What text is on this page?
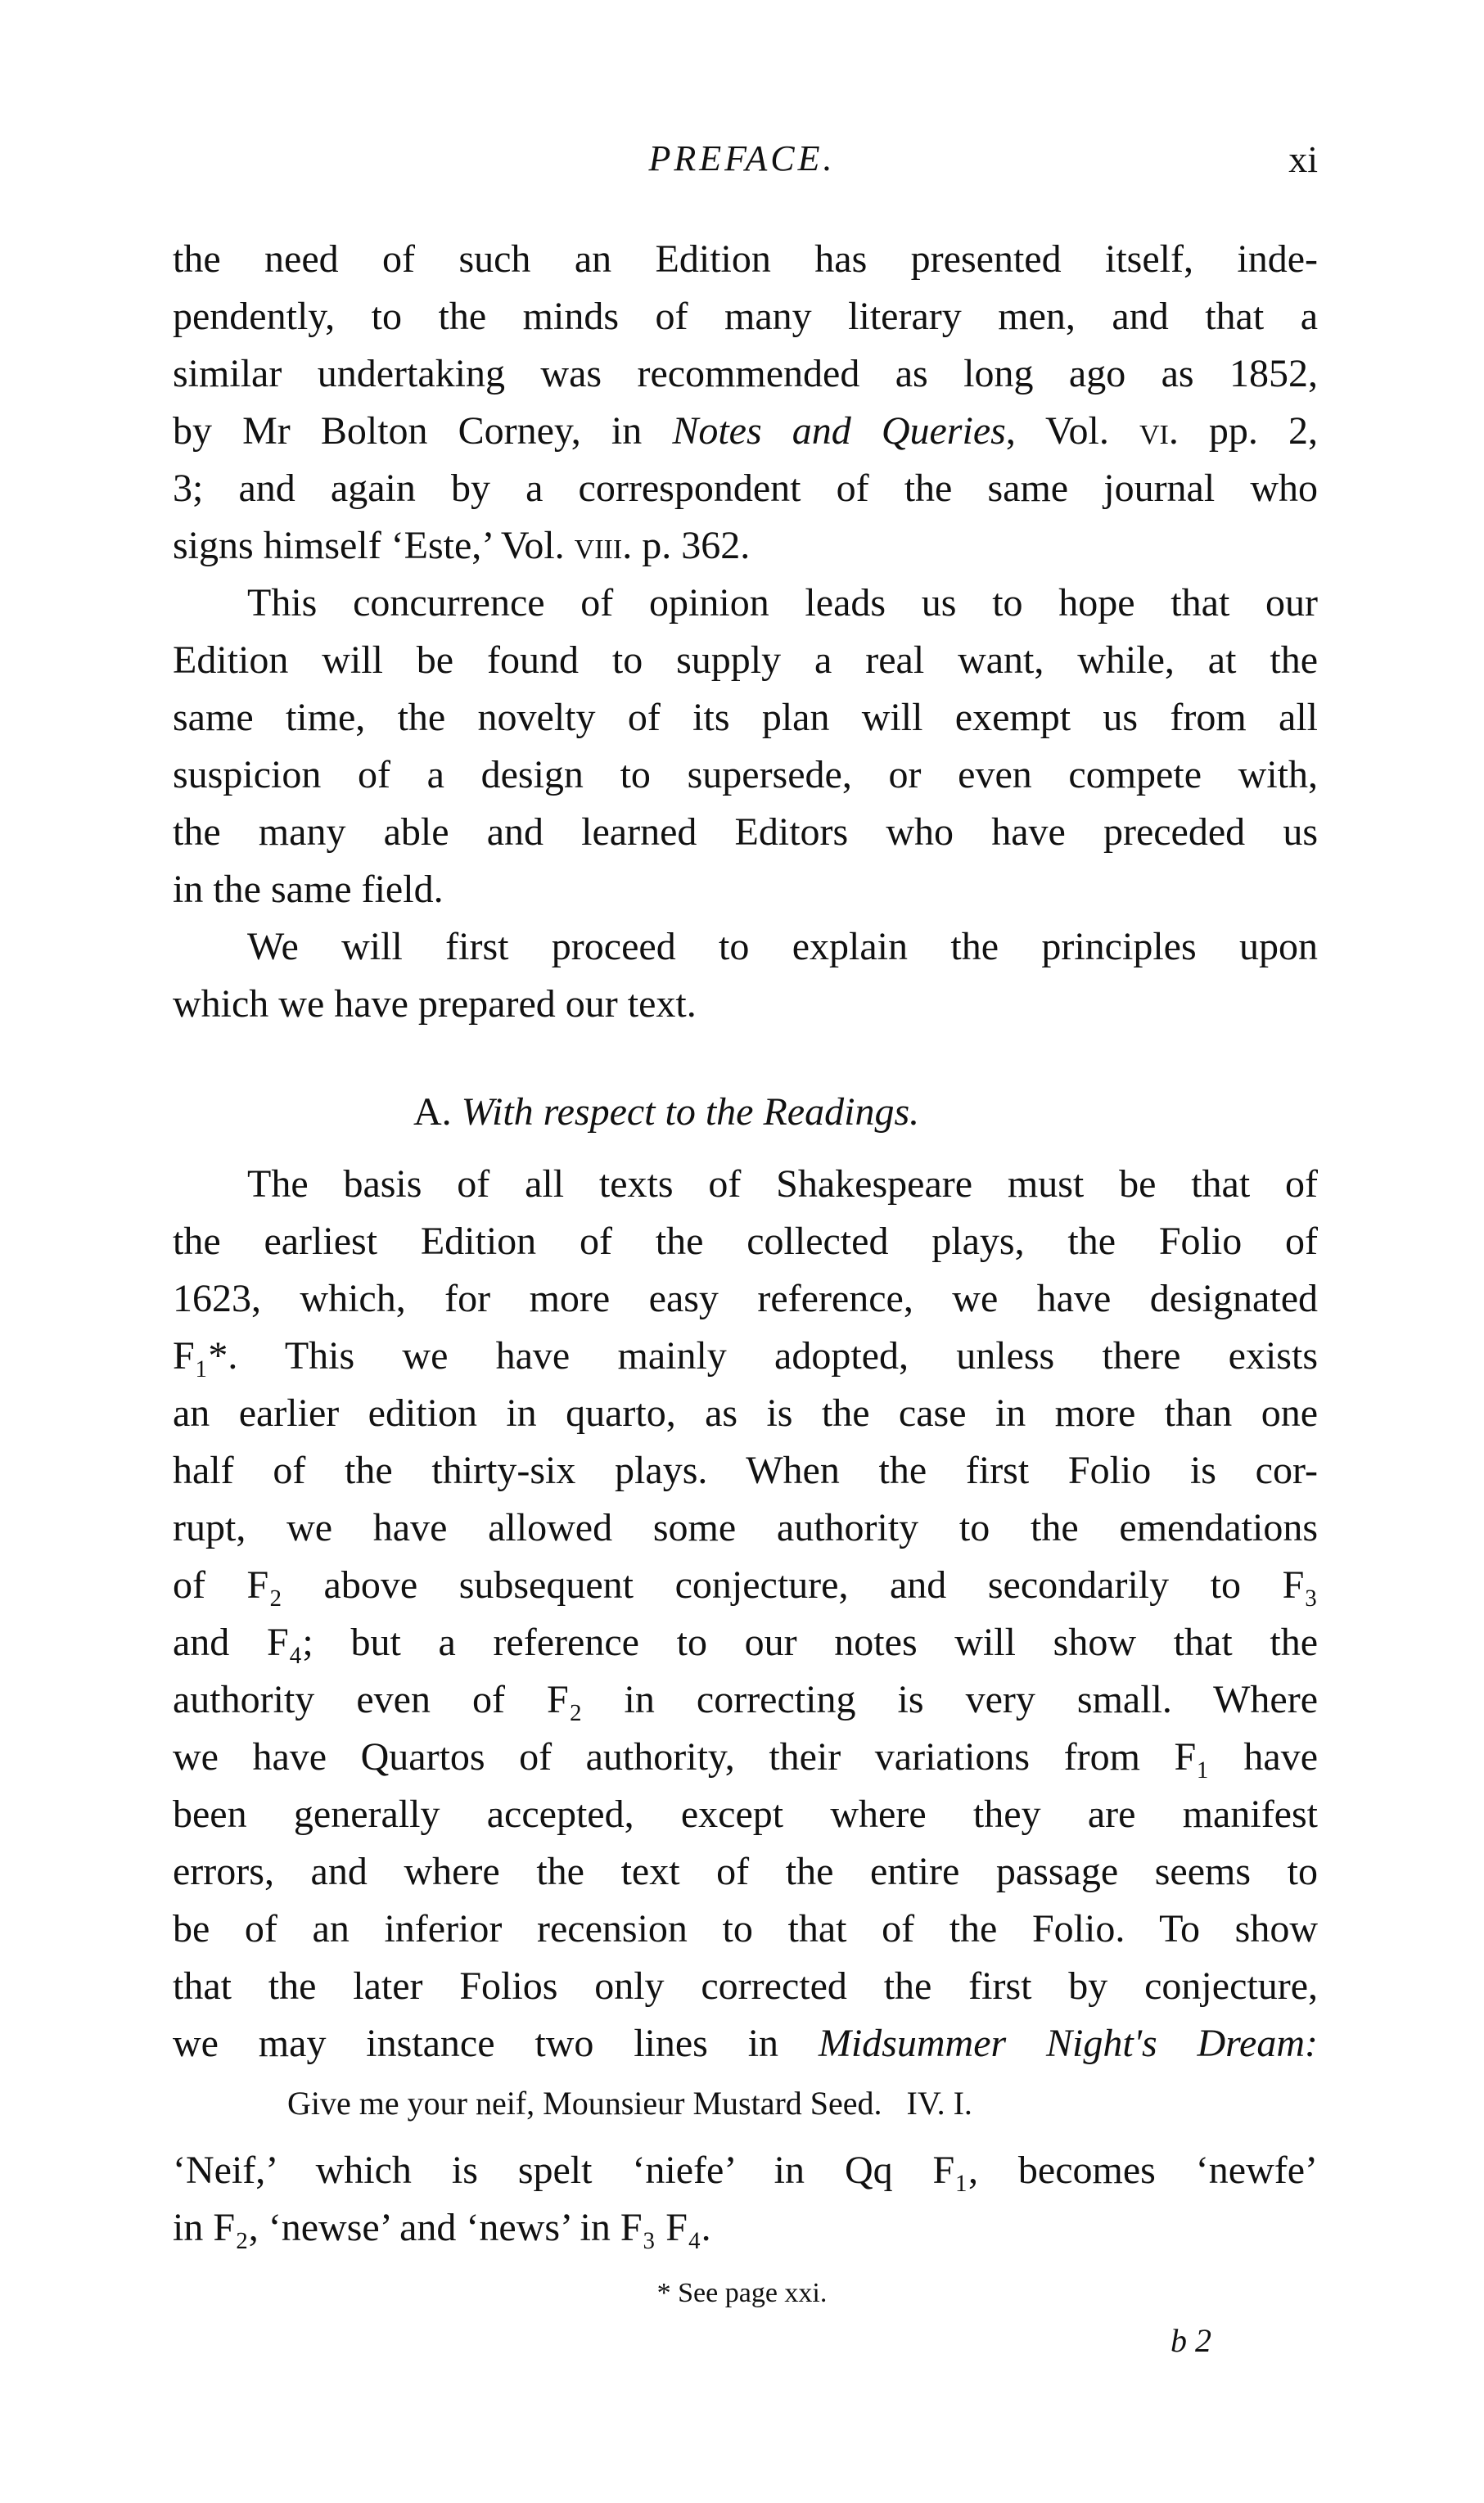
PREFACE.	xi
the need of such an Edition has presented itself, inde-
pendently, to the minds of many literary men, and that a
similar undertaking was recommended as long ago as 1852,
by Mr Bolton Corney, in Notes and Queries, Vol. vi. pp. 2,
3; and again by a correspondent of the same journal who
signs himself ‘Este,’ Vol. viii. p. 362.
This concurrence of opinion leads us to hope that our
Edition will be found to supply a real want, while, at the
same time, the novelty of its plan will exempt us from all
suspicion of a design to supersede, or even compete with,
the many able and learned Editors who have preceded us
in the same field.
We will first proceed to explain the principles upon
which we have prepared our text.
A. With respect to the Readings.
The basis of all texts of Shakespeare must be that of
the earliest Edition of the collected plays, the Folio of
1623, which, for more easy reference, we have designated
F₁*. This we have mainly adopted, unless there exists
an earlier edition in quarto, as is the case in more than one
half of the thirty-six plays. When the first Folio is cor-
rupt, we have allowed some authority to the emendations
of F₂ above subsequent conjecture, and secondarily to F₃
and F₄; but a reference to our notes will show that the
authority even of F₂ in correcting is very small. Where
we have Quartos of authority, their variations from F₁ have
been generally accepted, except where they are manifest
errors, and where the text of the entire passage seems to
be of an inferior recension to that of the Folio. To show
that the later Folios only corrected the first by conjecture,
we may instance two lines in Midsummer Night's Dream:
‘Neif,’ which is spelt ‘niefe’ in Qq F₁, becomes ‘newfe’
in F₂, ‘newse’ and ‘news’ in F₃ F₄.
Give me your neif, Mounsieur Mustard Seed. IV. I.
* See page xxi.
b 2
